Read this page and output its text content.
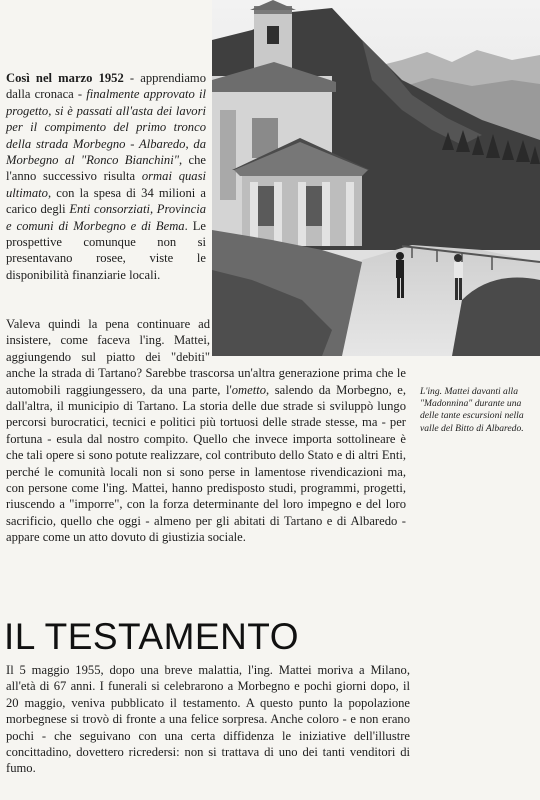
Così nel marzo 1952 - apprendiamo dalla cronaca - finalmente approvato il progetto, si è passati all'asta dei lavori per il compimento del primo tronco della strada Morbegno - Albaredo, da Morbegno al "Ronco Bianchini", che l'anno successivo risulta ormai quasi ultimato, con la spesa di 34 milioni a carico degli Enti consorziati, Provincia e comuni di Morbegno e di Bema. Le prospettive comunque non si presentavano rosee, viste le disponibilità finanziarie locali.

Valeva quindi la pena continuare ad insistere, come faceva l'ing. Mattei, aggiungendo sul piatto dei "debiti" anche la strada di Tartano? Sarebbe trascorsa un'altra generazione prima che le automobili raggiungessero, da una parte, l'ometto, salendo da Morbegno, e, dall'altra, il municipio di Tartano. La storia delle due strade si sviluppò lungo percorsi burocratici, tecnici e politici più tortuosi delle strade stesse, ma - per fortuna - esula dal nostro compito. Quello che invece importa sottolineare è che tali opere si sono potute realizzare, col contributo dello Stato e di altri Enti, perché le comunità locali non si sono perse in lamentose rivendicazioni ma, con persone come l'ing. Mattei, hanno predisposto studi, programmi, progetti, riuscendo a "imporre", con la forza determinante del loro impegno e del loro sacrificio, quello che oggi - almeno per gli abitati di Tartano e di Albaredo - appare come un atto dovuto di giustizia sociale.
L'ing. Mattei davanti alla "Madonnina" durante una delle tante escursioni nella valle del Bitto di Albaredo.
IL TESTAMENTO
Il 5 maggio 1955, dopo una breve malattia, l'ing. Mattei moriva a Milano, all'età di 67 anni. I funerali si celebrarono a Morbegno e pochi giorni dopo, il 20 maggio, veniva pubblicato il testamento. A questo punto la popolazione morbegnese si trovò di fronte a una felice sorpresa. Anche coloro - e non erano pochi - che seguivano con una certa diffidenza le iniziative dell'illustre concittadino, dovettero ricredersi: non si trattava di uno dei tanti venditori di fumo.
